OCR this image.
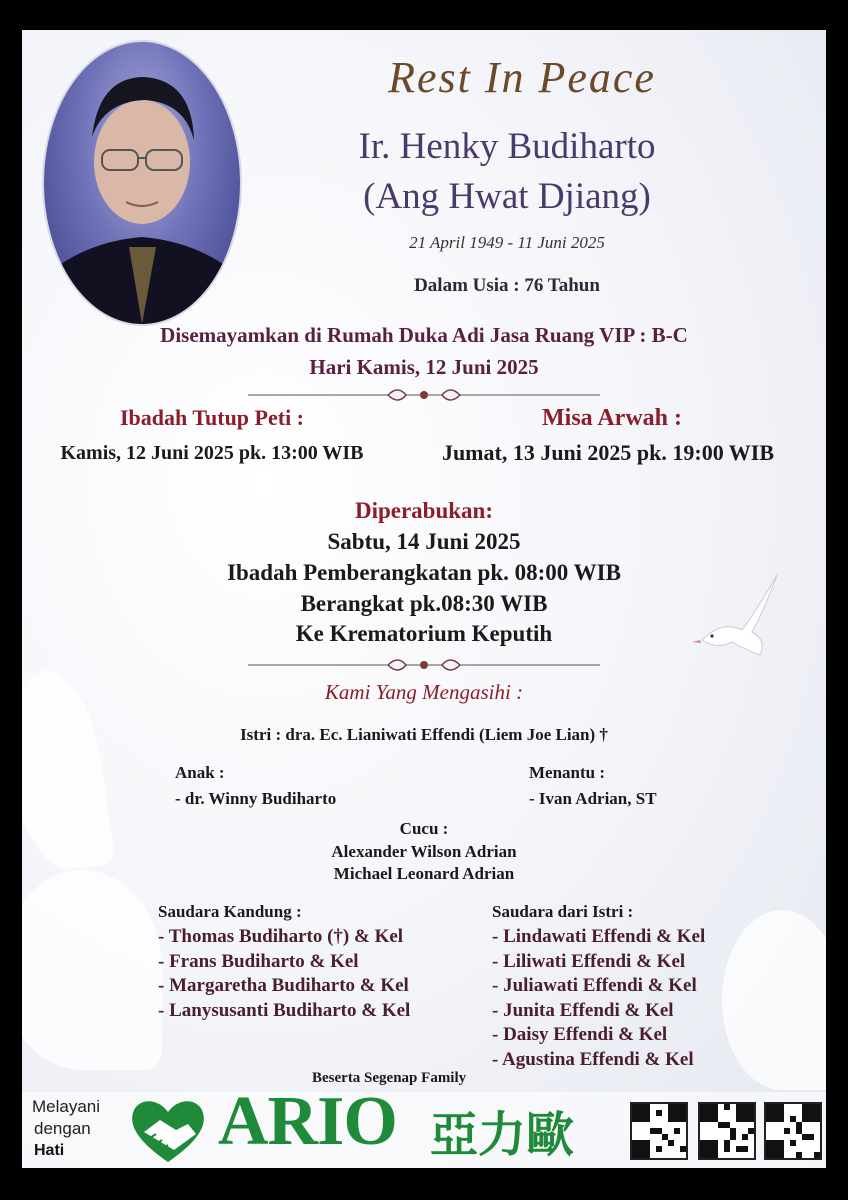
Rest In Peace
Ir. Henky Budiharto
(Ang Hwat Djiang)
21 April 1949 - 11 Juni 2025
Dalam Usia : 76 Tahun
Disemayamkan di Rumah Duka Adi Jasa Ruang VIP : B-C
Hari Kamis, 12 Juni 2025
Ibadah Tutup Peti :
Kamis, 12 Juni 2025 pk. 13:00 WIB
Misa Arwah :
Jumat, 13 Juni 2025 pk. 19:00 WIB
Diperabukan:
Sabtu, 14 Juni 2025
Ibadah Pemberangkatan pk. 08:00 WIB
Berangkat pk.08:30 WIB
Ke Krematorium Keputih
Kami Yang Mengasihi :
Istri : dra. Ec. Lianiwati Effendi (Liem Joe Lian) †
Anak :
- dr. Winny Budiharto
Menantu :
- Ivan Adrian, ST
Cucu :
Alexander Wilson Adrian
Michael Leonard Adrian
Saudara Kandung :
- Thomas Budiharto (†) & Kel
- Frans Budiharto & Kel
- Margaretha Budiharto & Kel
- Lanysusanti Budiharto & Kel
Saudara dari Istri :
- Lindawati Effendi & Kel
- Liliwati Effendi & Kel
- Juliawati Effendi & Kel
- Junita Effendi & Kel
- Daisy Effendi & Kel
- Agustina Effendi & Kel
Beserta Segenap Family
Melayani
dengan
Hati ARIO 亞力歐
